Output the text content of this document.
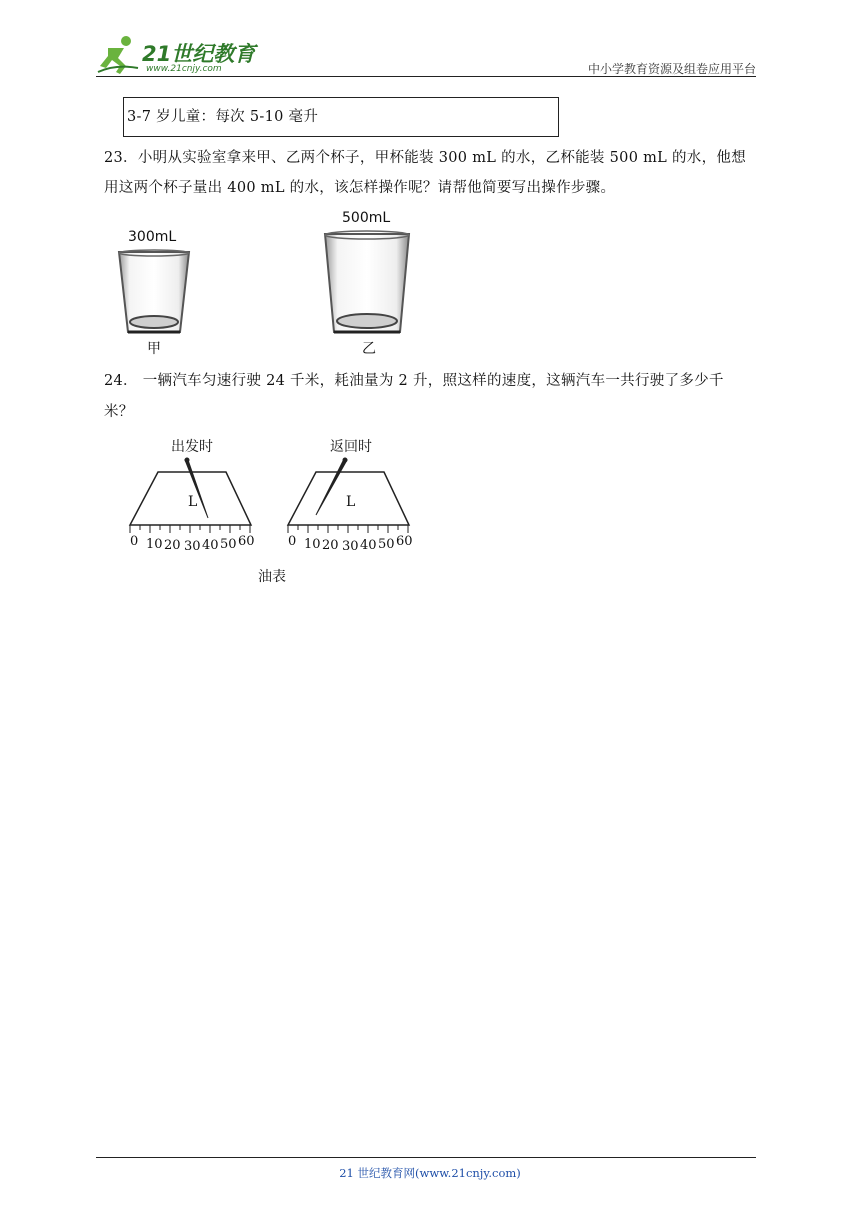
21世纪教育
www.21cnjy.com	中小学教育资源及组卷应用平台
3-7 岁儿童：每次 5-10 毫升
23．小明从实验室拿来甲、乙两个杯子，甲杯能装 300 mL 的水，乙杯能装 500 mL 的水，他想
用这两个杯子量出 400 mL 的水，该怎样操作呢？请帮他简要写出操作步骤。
300mL
甲
500mL
乙
24． 一辆汽车匀速行驶 24 千米，耗油量为 2 升，照这样的速度，这辆汽车一共行驶了多少千
米？
出发时
L
0 10 20 30 40 50 60
返回时
L
0 10 20 30 40 50 60
油表
21 世纪教育网(www.21cnjy.com)
